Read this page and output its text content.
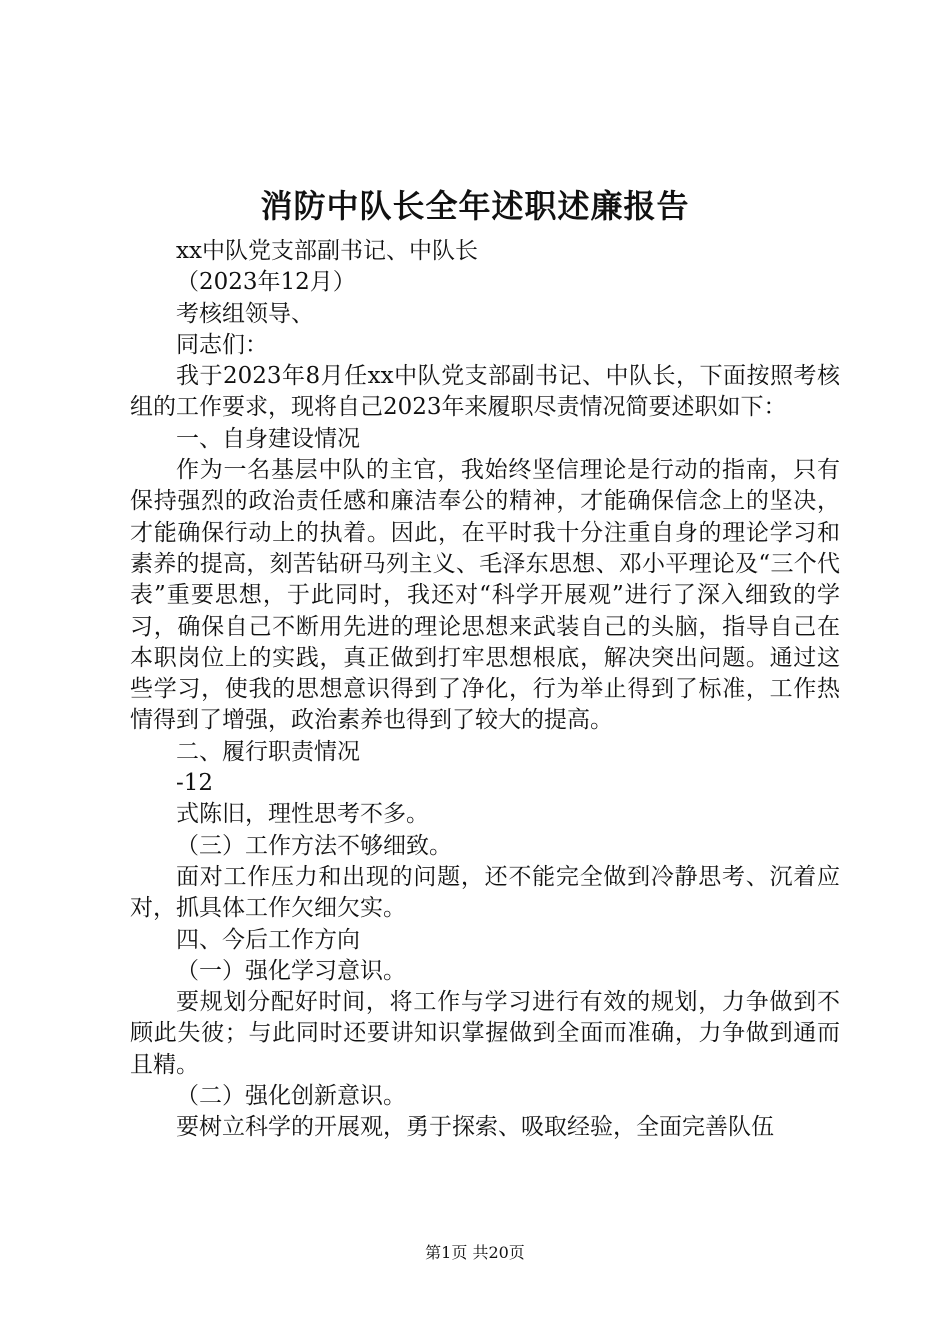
消防中队长全年述职述廉报告

xx中队党支部副书记、中队长

（2023年12月）

考核组领导、

同志们：

我于2023年8月任xx中队党支部副书记、中队长，下面按照考核组的工作要求，现将自己2023年来履职尽责情况简要述职如下：

一、自身建设情况

作为一名基层中队的主官，我始终坚信理论是行动的指南，只有保持强烈的政治责任感和廉洁奉公的精神，才能确保信念上的坚决，才能确保行动上的执着。因此，在平时我十分注重自身的理论学习和素养的提高，刻苦钻研马列主义、毛泽东思想、邓小平理论及“三个代表”重要思想，于此同时，我还对“科学开展观”进行了深入细致的学习，确保自己不断用先进的理论思想来武装自己的头脑，指导自己在本职岗位上的实践，真正做到打牢思想根底，解决突出问题。通过这些学习，使我的思想意识得到了净化，行为举止得到了标准，工作热情得到了增强，政治素养也得到了较大的提高。

二、履行职责情况

-12

式陈旧，理性思考不多。

（三）工作方法不够细致。

面对工作压力和出现的问题，还不能完全做到冷静思考、沉着应对，抓具体工作欠细欠实。

四、今后工作方向

（一）强化学习意识。

要规划分配好时间，将工作与学习进行有效的规划，力争做到不顾此失彼；与此同时还要讲知识掌握做到全面而准确，力争做到通而且精。

（二）强化创新意识。

要树立科学的开展观，勇于探索、吸取经验，全面完善队伍

第1页 共20页
